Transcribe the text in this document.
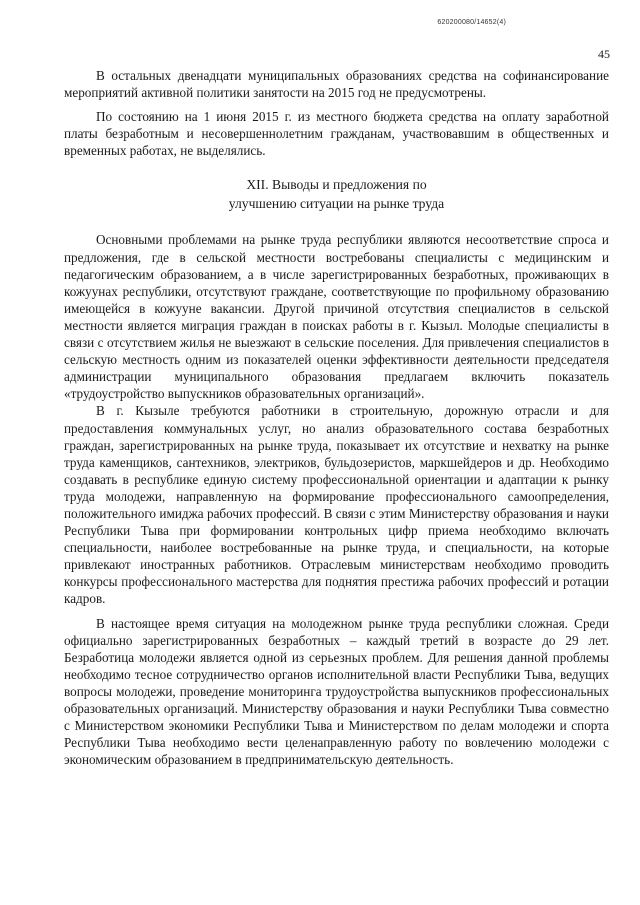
620200080/14652(4)
45

В остальных двенадцати муниципальных образованиях средства на софинансирование мероприятий активной политики занятости на 2015 год не предусмотрены.

По состоянию на 1 июня 2015 г. из местного бюджета средства на оплату заработной платы безработным и несовершеннолетним гражданам, участвовавшим в общественных и временных работах, не выделялись.

XII. Выводы и предложения по
улучшению ситуации на рынке труда

Основными проблемами на рынке труда республики являются несоответствие спроса и предложения, где в сельской местности востребованы специалисты с медицинским и педагогическим образованием, а в числе зарегистрированных безработных, проживающих в кожуунах республики, отсутствуют граждане, соответствующие по профильному образованию имеющейся в кожууне вакансии. Другой причиной отсутствия специалистов в сельской местности является миграция граждан в поисках работы в г. Кызыл. Молодые специалисты в связи с отсутствием жилья не выезжают в сельские поселения. Для привлечения специалистов в сельскую местность одним из показателей оценки эффективности деятельности председателя администрации муниципального образования предлагаем включить показатель «трудоустройство выпускников образовательных организаций».

В г. Кызыле требуются работники в строительную, дорожную отрасли и для предоставления коммунальных услуг, но анализ образовательного состава безработных граждан, зарегистрированных на рынке труда, показывает их отсутствие и нехватку на рынке труда каменщиков, сантехников, электриков, бульдозеристов, маркшейдеров и др. Необходимо создавать в республике единую систему профессиональной ориентации и адаптации к рынку труда молодежи, направленную на формирование профессионального самоопределения, положительного имиджа рабочих профессий. В связи с этим Министерству образования и науки Республики Тыва при формировании контрольных цифр приема необходимо включать специальности, наиболее востребованные на рынке труда, и специальности, на которые привлекают иностранных работников. Отраслевым министерствам необходимо проводить конкурсы профессионального мастерства для поднятия престижа рабочих профессий и ротации кадров.

В настоящее время ситуация на молодежном рынке труда республики сложная. Среди официально зарегистрированных безработных – каждый третий в возрасте до 29 лет. Безработица молодежи является одной из серьезных проблем. Для решения данной проблемы необходимо тесное сотрудничество органов исполнительной власти Республики Тыва, ведущих вопросы молодежи, проведение мониторинга трудоустройства выпускников профессиональных образовательных организаций. Министерству образования и науки Республики Тыва совместно с Министерством экономики Республики Тыва и Министерством по делам молодежи и спорта Республики Тыва необходимо вести целенаправленную работу по вовлечению молодежи с экономическим образованием в предпринимательскую деятельность.
